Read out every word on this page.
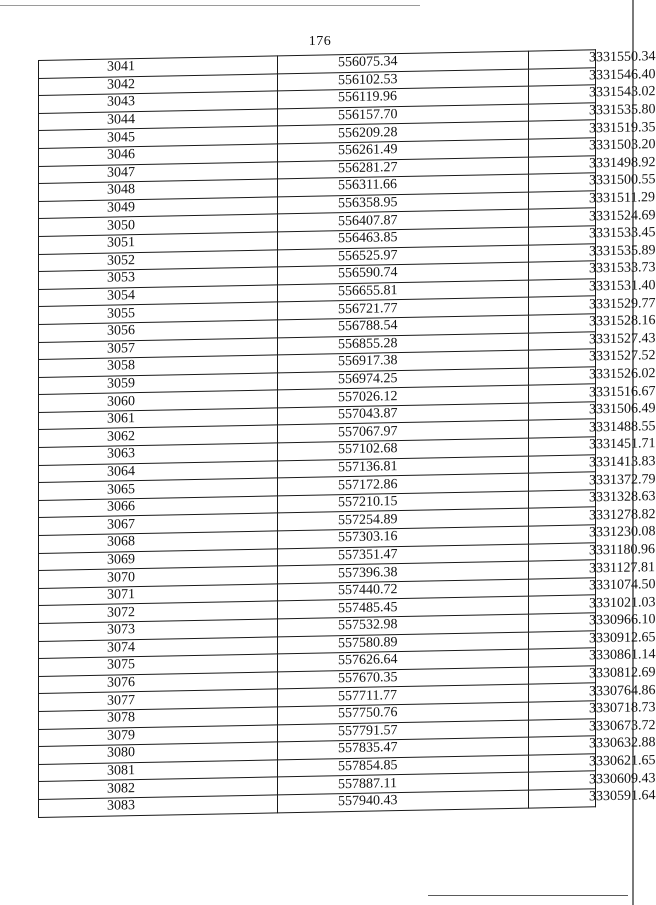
176
3041	556075.34	3331550.34
3042	556102.53	3331546.40
3043	556119.96	3331543.02
3044	556157.70	3331535.80
3045	556209.28	3331519.35
3046	556261.49	3331503.20
3047	556281.27	3331498.92
3048	556311.66	3331500.55
3049	556358.95	3331511.29
3050	556407.87	3331524.69
3051	556463.85	3331533.45
3052	556525.97	3331535.89
3053	556590.74	3331533.73
3054	556655.81	3331531.40
3055	556721.77	3331529.77
3056	556788.54	3331528.16
3057	556855.28	3331527.43
3058	556917.38	3331527.52
3059	556974.25	3331526.02
3060	557026.12	3331516.67
3061	557043.87	3331506.49
3062	557067.97	3331488.55
3063	557102.68	3331451.71
3064	557136.81	3331413.83
3065	557172.86	3331372.79
3066	557210.15	3331328.63
3067	557254.89	3331278.82
3068	557303.16	3331230.08
3069	557351.47	3331180.96
3070	557396.38	3331127.81
3071	557440.72	3331074.50
3072	557485.45	3331021.03
3073	557532.98	3330966.10
3074	557580.89	3330912.65
3075	557626.64	3330861.14
3076	557670.35	3330812.69
3077	557711.77	3330764.86
3078	557750.76	3330718.73
3079	557791.57	3330673.72
3080	557835.47	3330632.88
3081	557854.85	3330621.65
3082	557887.11	3330609.43
3083	557940.43	3330591.64
